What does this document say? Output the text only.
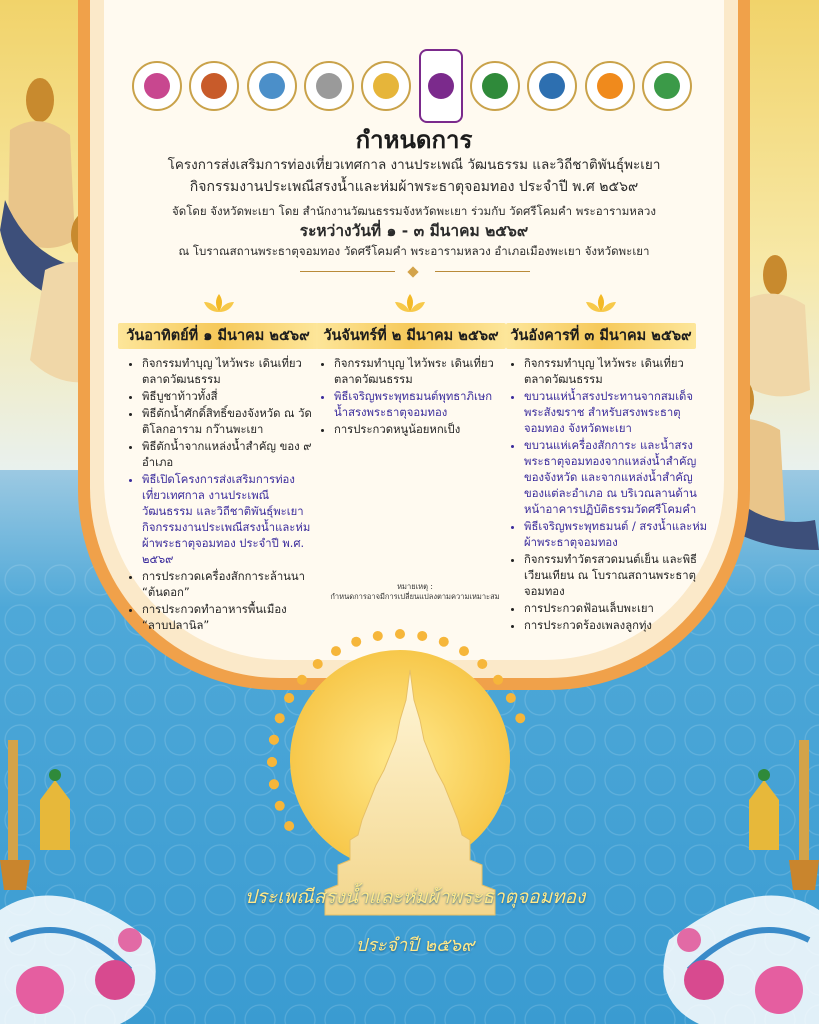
กำหนดการ
โครงการส่งเสริมการท่องเที่ยวเทศกาล งานประเพณี วัฒนธรรม และวิถีชาติพันธุ์พะเยา
กิจกรรมงานประเพณีสรงน้ำและห่มผ้าพระธาตุจอมทอง ประจำปี พ.ศ ๒๕๖๙
จัดโดย จังหวัดพะเยา โดย สำนักงานวัฒนธรรมจังหวัดพะเยา ร่วมกับ วัดศรีโคมคำ พระอารามหลวง
ระหว่างวันที่ ๑ - ๓ มีนาคม ๒๕๖๙
ณ โบราณสถานพระธาตุจอมทอง วัดศรีโคมคำ พระอารามหลวง อำเภอเมืองพะเยา จังหวัดพะเยา
วันอาทิตย์ที่ ๑ มีนาคม ๒๕๖๙ วันจันทร์ที่ ๒ มีนาคม ๒๕๖๙ วันอังคารที่ ๓ มีนาคม ๒๕๖๙
• กิจกรรมทำบุญ ไหว้พระ เดินเที่ยวตลาดวัฒนธรรม
• พิธีบูชาท้าวทั้งสี่
• พิธีตักน้ำศักดิ์สิทธิ์ของจังหวัด ณ วัดติโลกอาราม กว๊านพะเยา
• พิธีตักน้ำจากแหล่งน้ำสำคัญ ของ ๙ อำเภอ
• พิธีเปิดโครงการส่งเสริมการท่องเที่ยวเทศกาล งานประเพณี วัฒนธรรม และวิถีชาติพันธุ์พะเยา กิจกรรมงานประเพณีสรงน้ำและห่มผ้าพระธาตุจอมทอง ประจำปี พ.ศ. ๒๕๖๙
• การประกวดเครื่องสักการะล้านนา “ต้นดอก”
• การประกวดทำอาหารพื้นเมือง “ลาบปลานิล”
• กิจกรรมทำบุญ ไหว้พระ เดินเที่ยวตลาดวัฒนธรรม
• พิธีเจริญพระพุทธมนต์พุทธาภิเษก น้ำสรงพระธาตุจอมทอง
• การประกวดหนูน้อยหกเป็ง
• กิจกรรมทำบุญ ไหว้พระ เดินเที่ยวตลาดวัฒนธรรม
• ขบวนแห่น้ำสรงประทานจากสมเด็จพระสังฆราช สำหรับสรงพระธาตุจอมทอง จังหวัดพะเยา
• ขบวนแห่เครื่องสักการะ และน้ำสรงพระธาตุจอมทองจากแหล่งน้ำสำคัญของจังหวัด และจากแหล่งน้ำสำคัญของแต่ละอำเภอ ณ บริเวณลานด้านหน้าอาคารปฏิบัติธรรมวัดศรีโคมคำ
• พิธีเจริญพระพุทธมนต์ / สรงน้ำและห่มผ้าพระธาตุจอมทอง
• กิจกรรมทำวัตรสวดมนต์เย็น และพิธีเวียนเทียน ณ โบราณสถานพระธาตุจอมทอง
• การประกวดฟ้อนเล็บพะเยา
• การประกวดร้องเพลงลูกทุ่ง
หมายเหตุ :
กำหนดการอาจมีการเปลี่ยนแปลงตามความเหมาะสม
ประเพณีสรงน้ำและห่มผ้าพระธาตุจอมทอง
ประจำปี ๒๕๖๙
